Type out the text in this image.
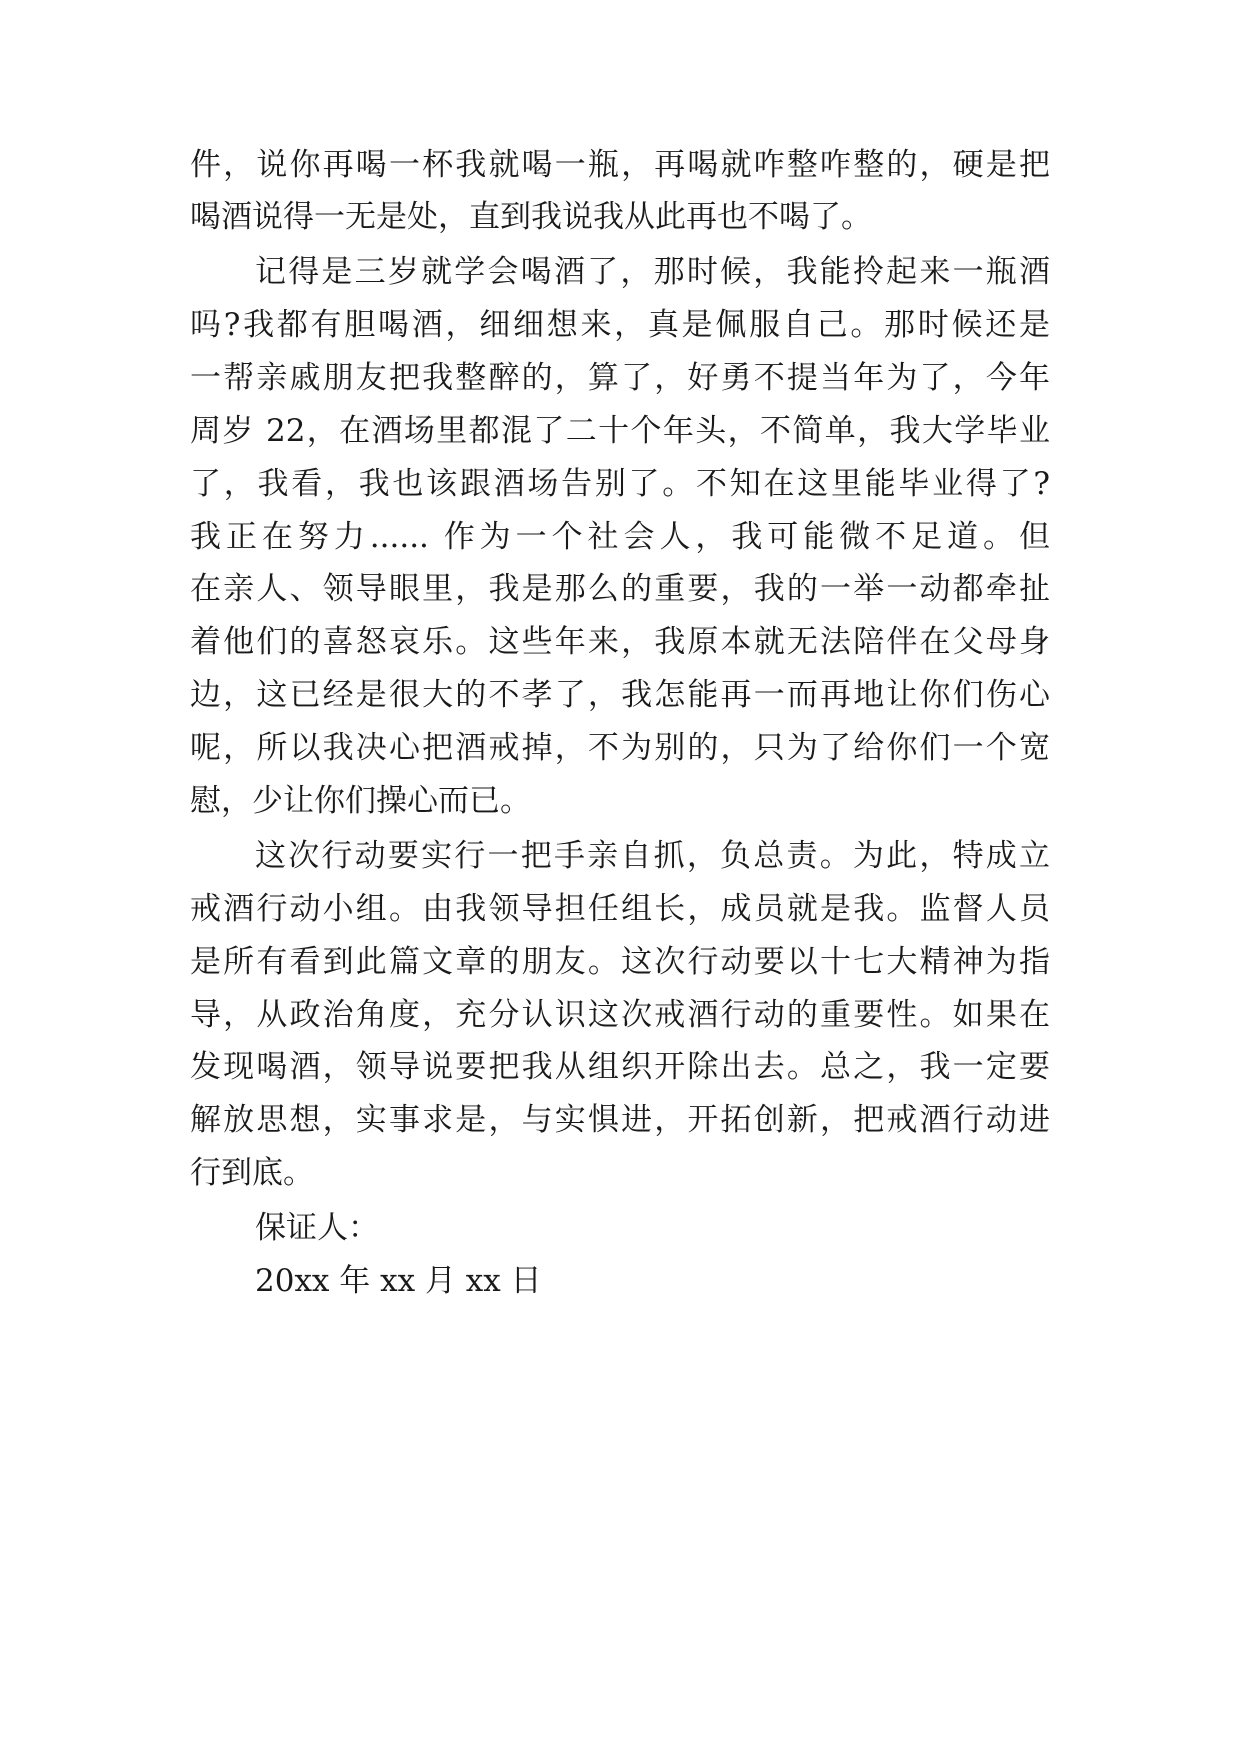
件，说你再喝一杯我就喝一瓶，再喝就咋整咋整的，硬是把
喝酒说得一无是处，直到我说我从此再也不喝了。
记得是三岁就学会喝酒了，那时候，我能拎起来一瓶酒
吗?我都有胆喝酒，细细想来，真是佩服自己。那时候还是
一帮亲戚朋友把我整醉的，算了，好勇不提当年为了，今年
周岁 22，在酒场里都混了二十个年头，不简单，我大学毕业
了，我看，我也该跟酒场告别了。不知在这里能毕业得了?
我正在努力...... 作为一个社会人，我可能微不足道。但
在亲人、领导眼里，我是那么的重要，我的一举一动都牵扯
着他们的喜怒哀乐。这些年来，我原本就无法陪伴在父母身
边，这已经是很大的不孝了，我怎能再一而再地让你们伤心
呢，所以我决心把酒戒掉，不为别的，只为了给你们一个宽
慰，少让你们操心而已。
这次行动要实行一把手亲自抓，负总责。为此，特成立
戒酒行动小组。由我领导担任组长，成员就是我。监督人员
是所有看到此篇文章的朋友。这次行动要以十七大精神为指
导，从政治角度，充分认识这次戒酒行动的重要性。如果在
发现喝酒，领导说要把我从组织开除出去。总之，我一定要
解放思想，实事求是，与实惧进，开拓创新，把戒酒行动进
行到底。
保证人：
20xx 年 xx 月 xx 日
